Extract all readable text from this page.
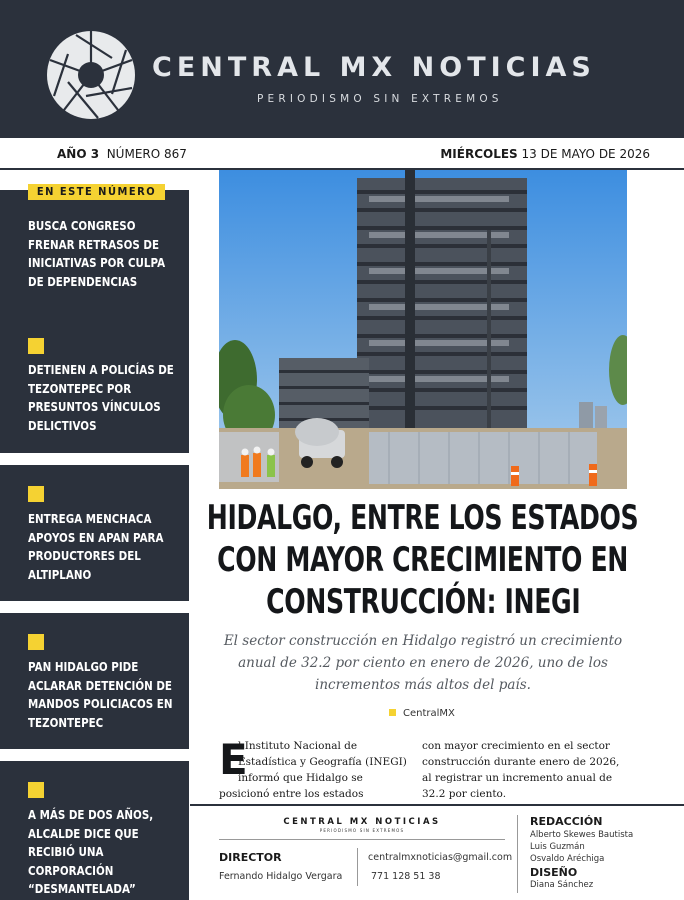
CENTRAL MX NOTICIAS
PERIODISMO SIN EXTREMOS
AÑO 3 NÚMERO 867	MIÉRCOLES 13 DE MAYO DE 2026
EN ESTE NÚMERO
BUSCA CONGRESO FRENAR RETRASOS DE INICIATIVAS POR CULPA DE DEPENDENCIAS
DETIENEN A POLICÍAS DE TEZONTEPEC POR PRESUNTOS VÍNCULOS DELICTIVOS
ENTREGA MENCHACA APOYOS EN APAN PARA PRODUCTORES DEL ALTIPLANO
PAN HIDALGO PIDE ACLARAR DETENCIÓN DE MANDOS POLICIACOS EN TEZONTEPEC
A MÁS DE DOS AÑOS, ALCALDE DICE QUE RECIBIÓ UNA CORPORACIÓN “DESMANTELADA”
HIDALGO, ENTRE LOS ESTADOS
CON MAYOR CRECIMIENTO EN
CONSTRUCCIÓN: INEGI
El sector construcción en Hidalgo registró un crecimiento anual de 32.2 por ciento en enero de 2026, uno de los incrementos más altos del país.
CentralMX
E
l Instituto Nacional de Estadística y Geografía (INEGI) informó que Hidalgo se posicionó entre los estados
con mayor crecimiento en el sector construcción durante enero de 2026, al registrar un incremento anual de 32.2 por ciento.
CENTRAL MX NOTICIAS
PERIODISMO SIN EXTREMOS
DIRECTOR
Fernando Hidalgo Vergara
centralmxnoticias@gmail.com
771 128 51 38
REDACCIÓN
Alberto Skewes Bautista
Luis Guzmán
Osvaldo Aréchiga
DISEÑO
Diana Sánchez
